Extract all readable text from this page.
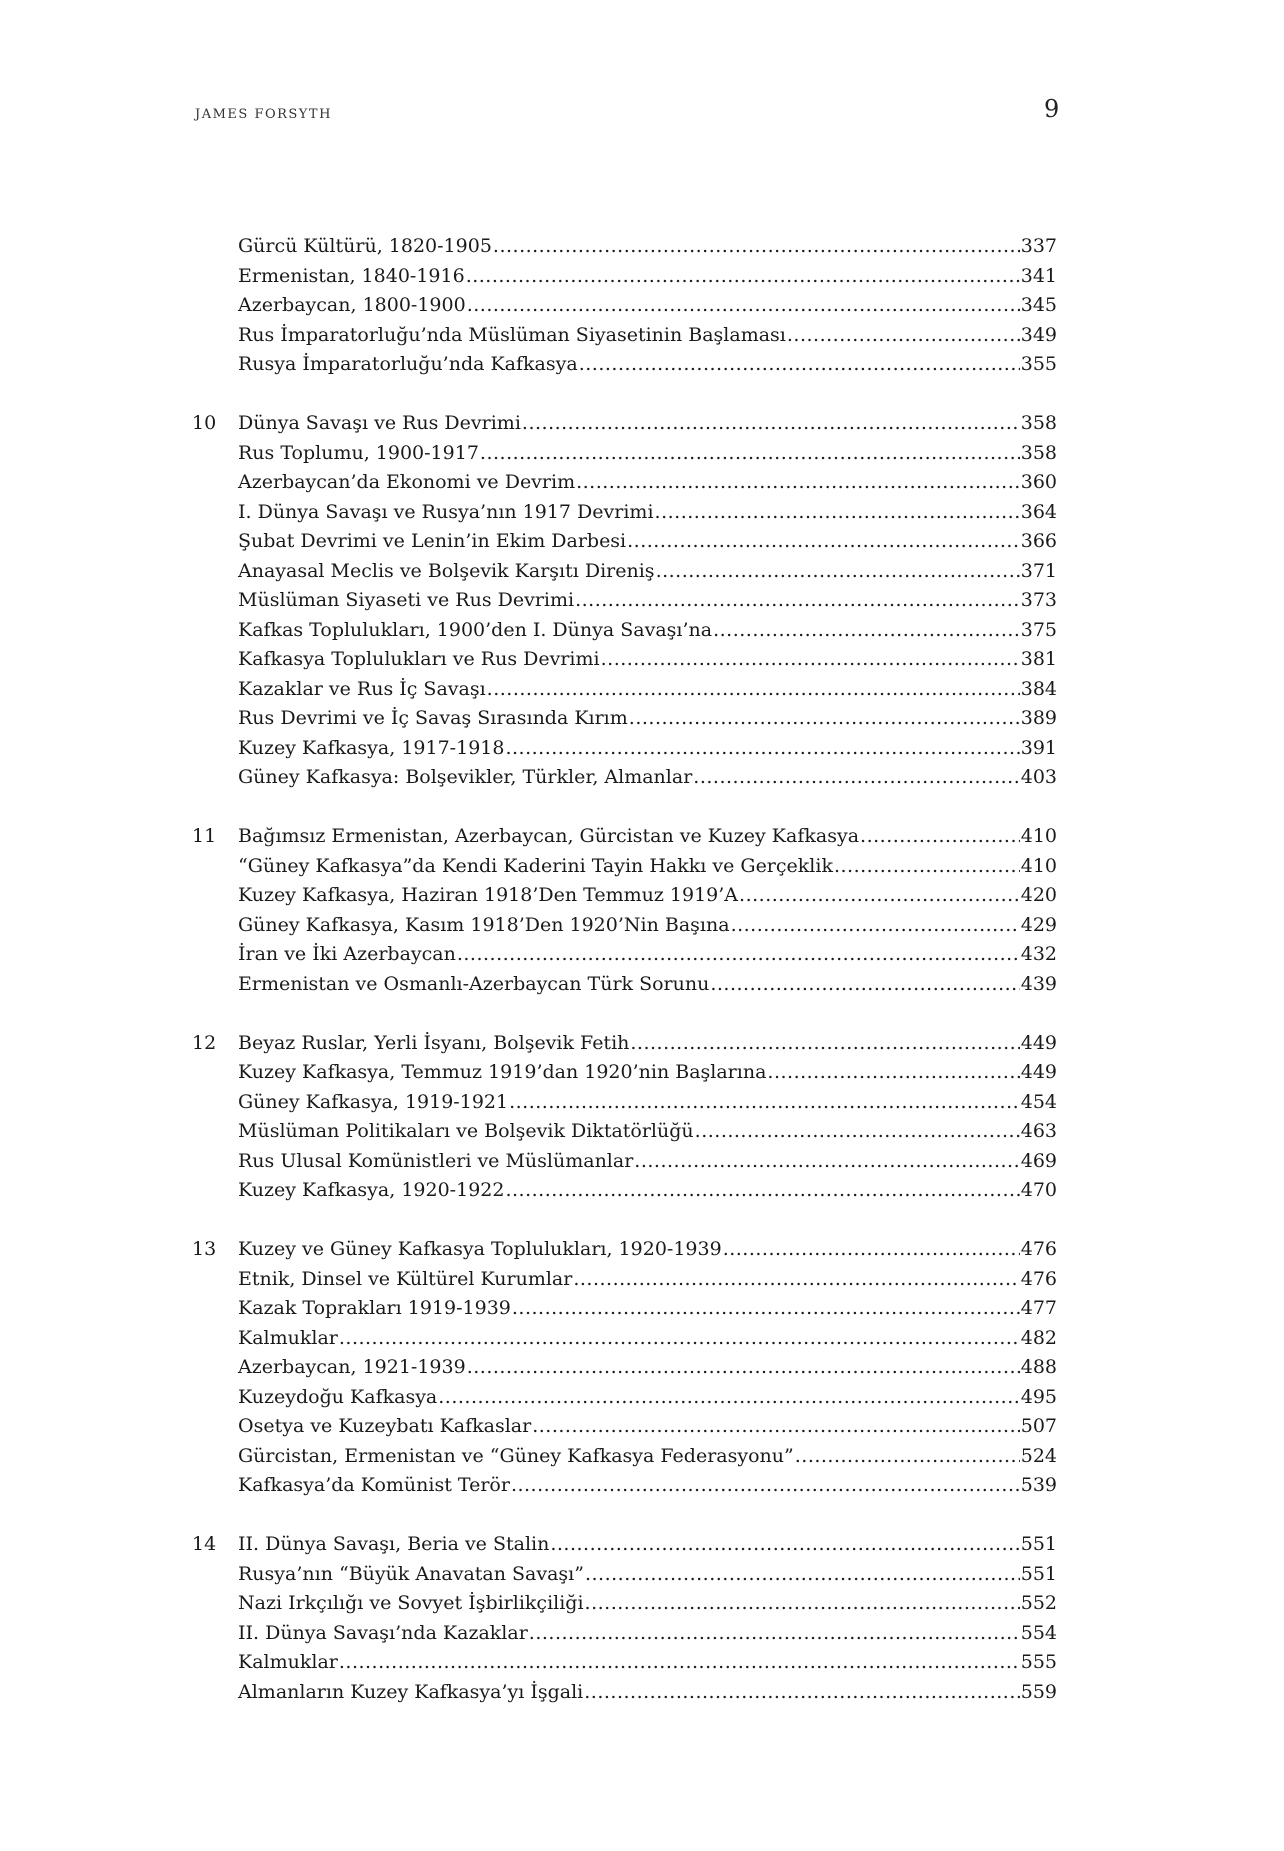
JAMES FORSYTH	9
Gürcü Kültürü, 1820-1905 .....	337
Ermenistan, 1840-1916 .....	341
Azerbaycan, 1800-1900 .....	345
Rus İmparatorluğu’nda Müslüman Siyasetinin Başlaması .....	349
Rusya İmparatorluğu’nda Kafkasya .....	355
10	Dünya Savaşı ve Rus Devrimi .....	358
Rus Toplumu, 1900-1917 .....	358
Azerbaycan’da Ekonomi ve Devrim .....	360
I. Dünya Savaşı ve Rusya’nın 1917 Devrimi .....	364
Şubat Devrimi ve Lenin’in Ekim Darbesi .....	366
Anayasal Meclis ve Bolşevik Karşıtı Direniş .....	371
Müslüman Siyaseti ve Rus Devrimi .....	373
Kafkas Toplulukları, 1900’den I. Dünya Savaşı’na .....	375
Kafkasya Toplulukları ve Rus Devrimi .....	381
Kazaklar ve Rus İç Savaşı .....	384
Rus Devrimi ve İç Savaş Sırasında Kırım .....	389
Kuzey Kafkasya, 1917-1918 .....	391
Güney Kafkasya: Bolşevikler, Türkler, Almanlar .....	403
11	Bağımsız Ermenistan, Azerbaycan, Gürcistan ve Kuzey Kafkasya .....	410
“Güney Kafkasya”da Kendi Kaderini Tayin Hakkı ve Gerçeklik .....	410
Kuzey Kafkasya, Haziran 1918’Den Temmuz 1919’A .....	420
Güney Kafkasya, Kasım 1918’Den 1920’Nin Başına .....	429
İran ve İki Azerbaycan .....	432
Ermenistan ve Osmanlı-Azerbaycan Türk Sorunu .....	439
12	Beyaz Ruslar, Yerli İsyanı, Bolşevik Fetih .....	449
Kuzey Kafkasya, Temmuz 1919’dan 1920’nin Başlarına .....	449
Güney Kafkasya, 1919-1921 .....	454
Müslüman Politikaları ve Bolşevik Diktatörlüğü .....	463
Rus Ulusal Komünistleri ve Müslümanlar .....	469
Kuzey Kafkasya, 1920-1922 .....	470
13	Kuzey ve Güney Kafkasya Toplulukları, 1920-1939 .....	476
Etnik, Dinsel ve Kültürel Kurumlar .....	476
Kazak Toprakları 1919-1939 .....	477
Kalmuklar .....	482
Azerbaycan, 1921-1939 .....	488
Kuzeydoğu Kafkasya .....	495
Osetya ve Kuzeybatı Kafkaslar .....	507
Gürcistan, Ermenistan ve “Güney Kafkasya Federasyonu” .....	524
Kafkasya’da Komünist Terör .....	539
14	II. Dünya Savaşı, Beria ve Stalin .....	551
Rusya’nın “Büyük Anavatan Savaşı” .....	551
Nazi Irkçılığı ve Sovyet İşbirlikçiliği .....	552
II. Dünya Savaşı’nda Kazaklar .....	554
Kalmuklar .....	555
Almanların Kuzey Kafkasya’yı İşgali .....	559
